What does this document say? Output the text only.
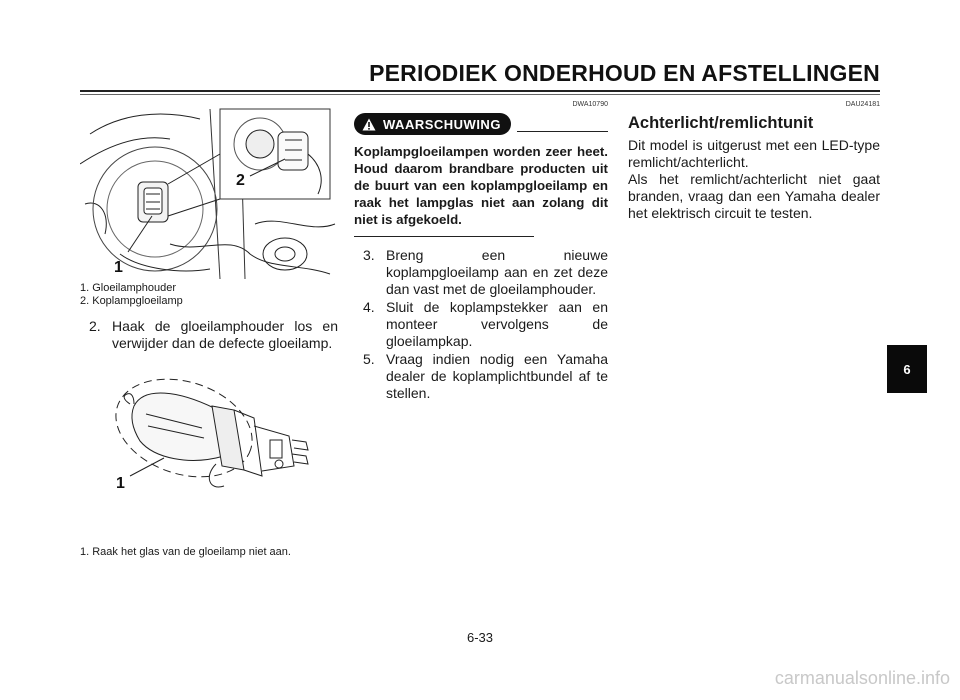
PERIODIEK ONDERHOUD EN AFSTELLINGEN
1
2
1. Gloeilamphouder
2. Koplampgloeilamp
2. Haak de gloeilamphouder los en verwijder dan de defecte gloeilamp.
1
1. Raak het glas van de gloeilamp niet aan.
DWA10790
WAARSCHUWING
Koplampgloeilampen worden zeer heet. Houd daarom brandbare producten uit de buurt van een koplampgloeilamp en raak het lampglas niet aan zolang dit niet is afgekoeld.
3. Breng een nieuwe koplampgloeilamp aan en zet deze dan vast met de gloeilamphouder.
4. Sluit de koplampstekker aan en monteer vervolgens de gloeilampkap.
5. Vraag indien nodig een Yamaha dealer de koplamplichtbundel af te stellen.
DAU24181
Achterlicht/remlichtunit

Dit model is uitgerust met een LED-type remlicht/achterlicht.

Als het remlicht/achterlicht niet gaat branden, vraag dan een Yamaha dealer het elektrisch circuit te testen.

6
6-33
carmanualsonline.info
